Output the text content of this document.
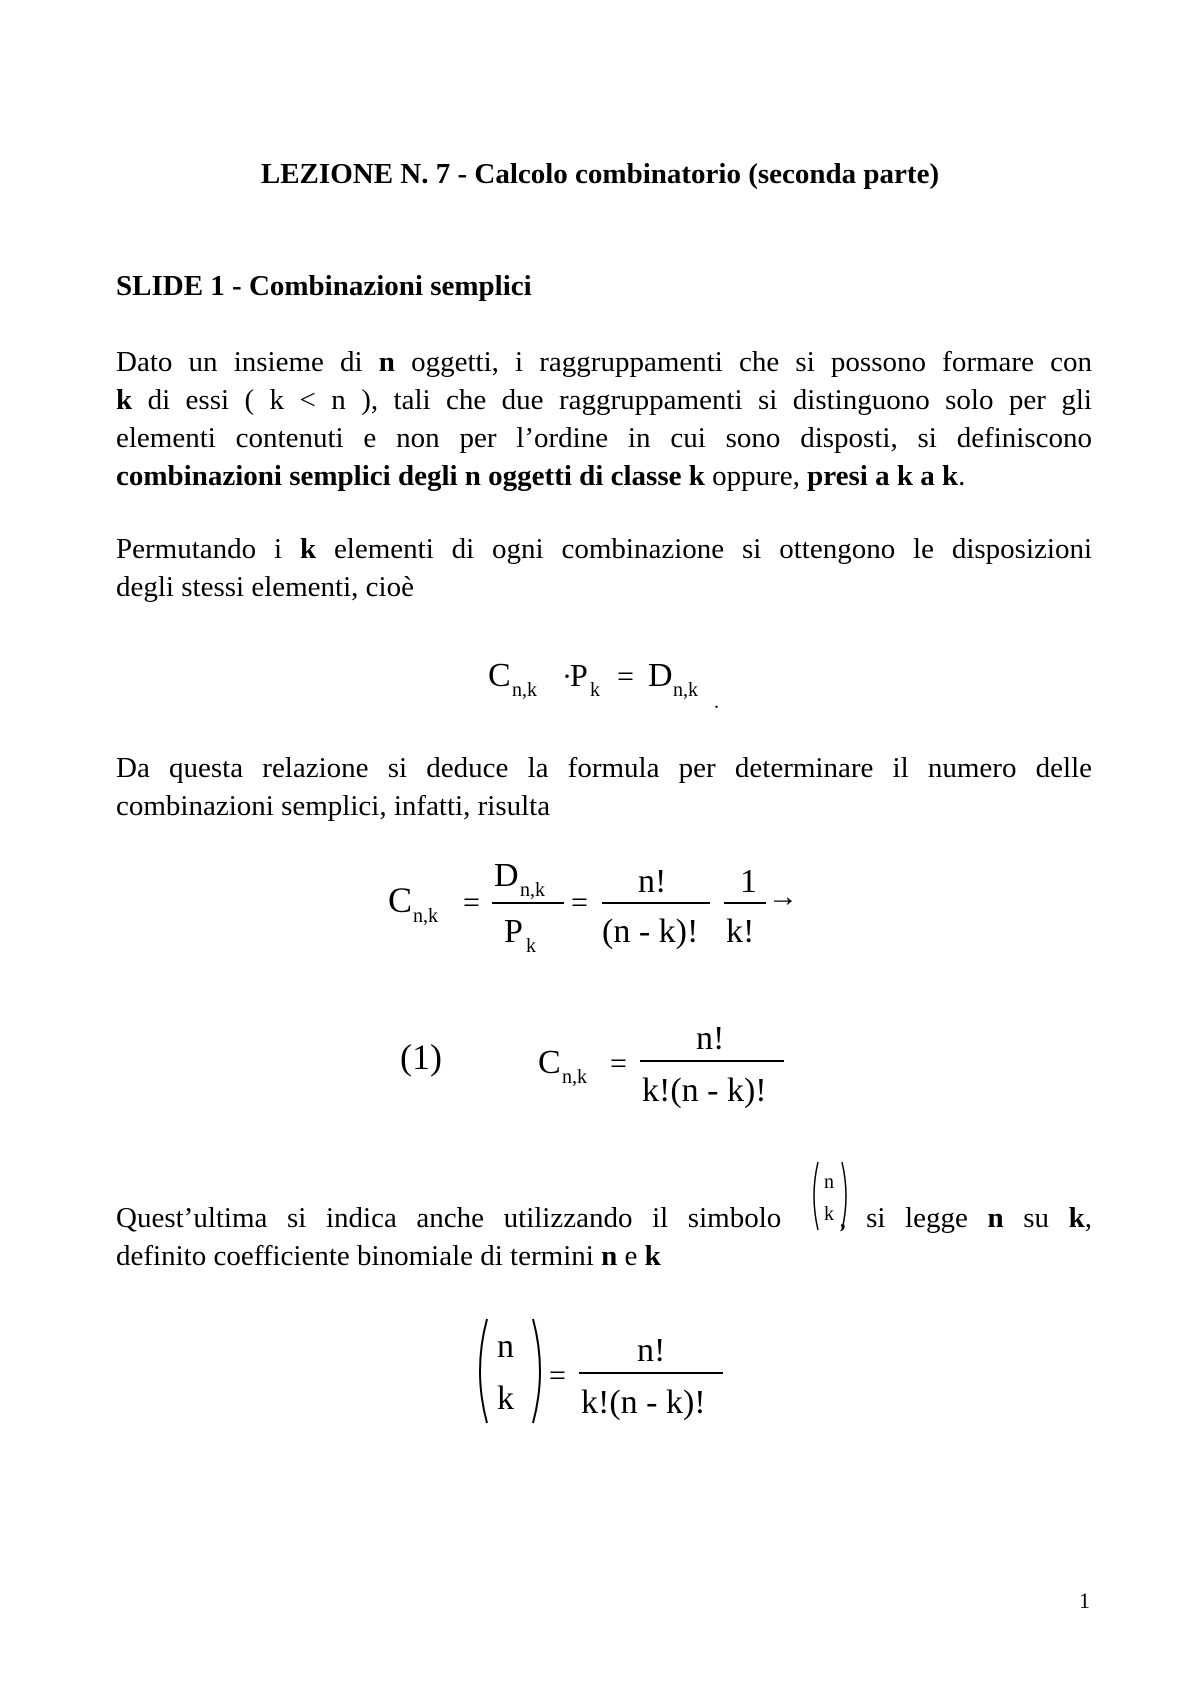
LEZIONE N. 7 - Calcolo combinatorio (seconda parte)
SLIDE 1 - Combinazioni semplici
Dato un insieme di n oggetti, i raggruppamenti che si possono formare con
k di essi ( k < n ), tali che due raggruppamenti si distinguono solo per gli
elementi contenuti e non per l’ordine in cui sono disposti, si definiscono
combinazioni semplici degli n oggetti di classe k oppure, presi a k a k.
Permutando i k elementi di ogni combinazione si ottengono le disposizioni
degli stessi elementi, cioè
C n,k ·
P k = D n,k
.
Da questa relazione si deduce la formula per determinare il numero delle
combinazioni semplici, infatti, risulta
C n,k =
D n,k
P k
=
n!
(n - k)!
1
k!
→
(1)	C n,k =
n!
k!(n - k)!
Quest’ultima si indica anche utilizzando il simbolo , si legge n su k,
definito coefficiente binomiale di termini n e k
n
k
n
k
=
n!
k!(n - k)!
1
